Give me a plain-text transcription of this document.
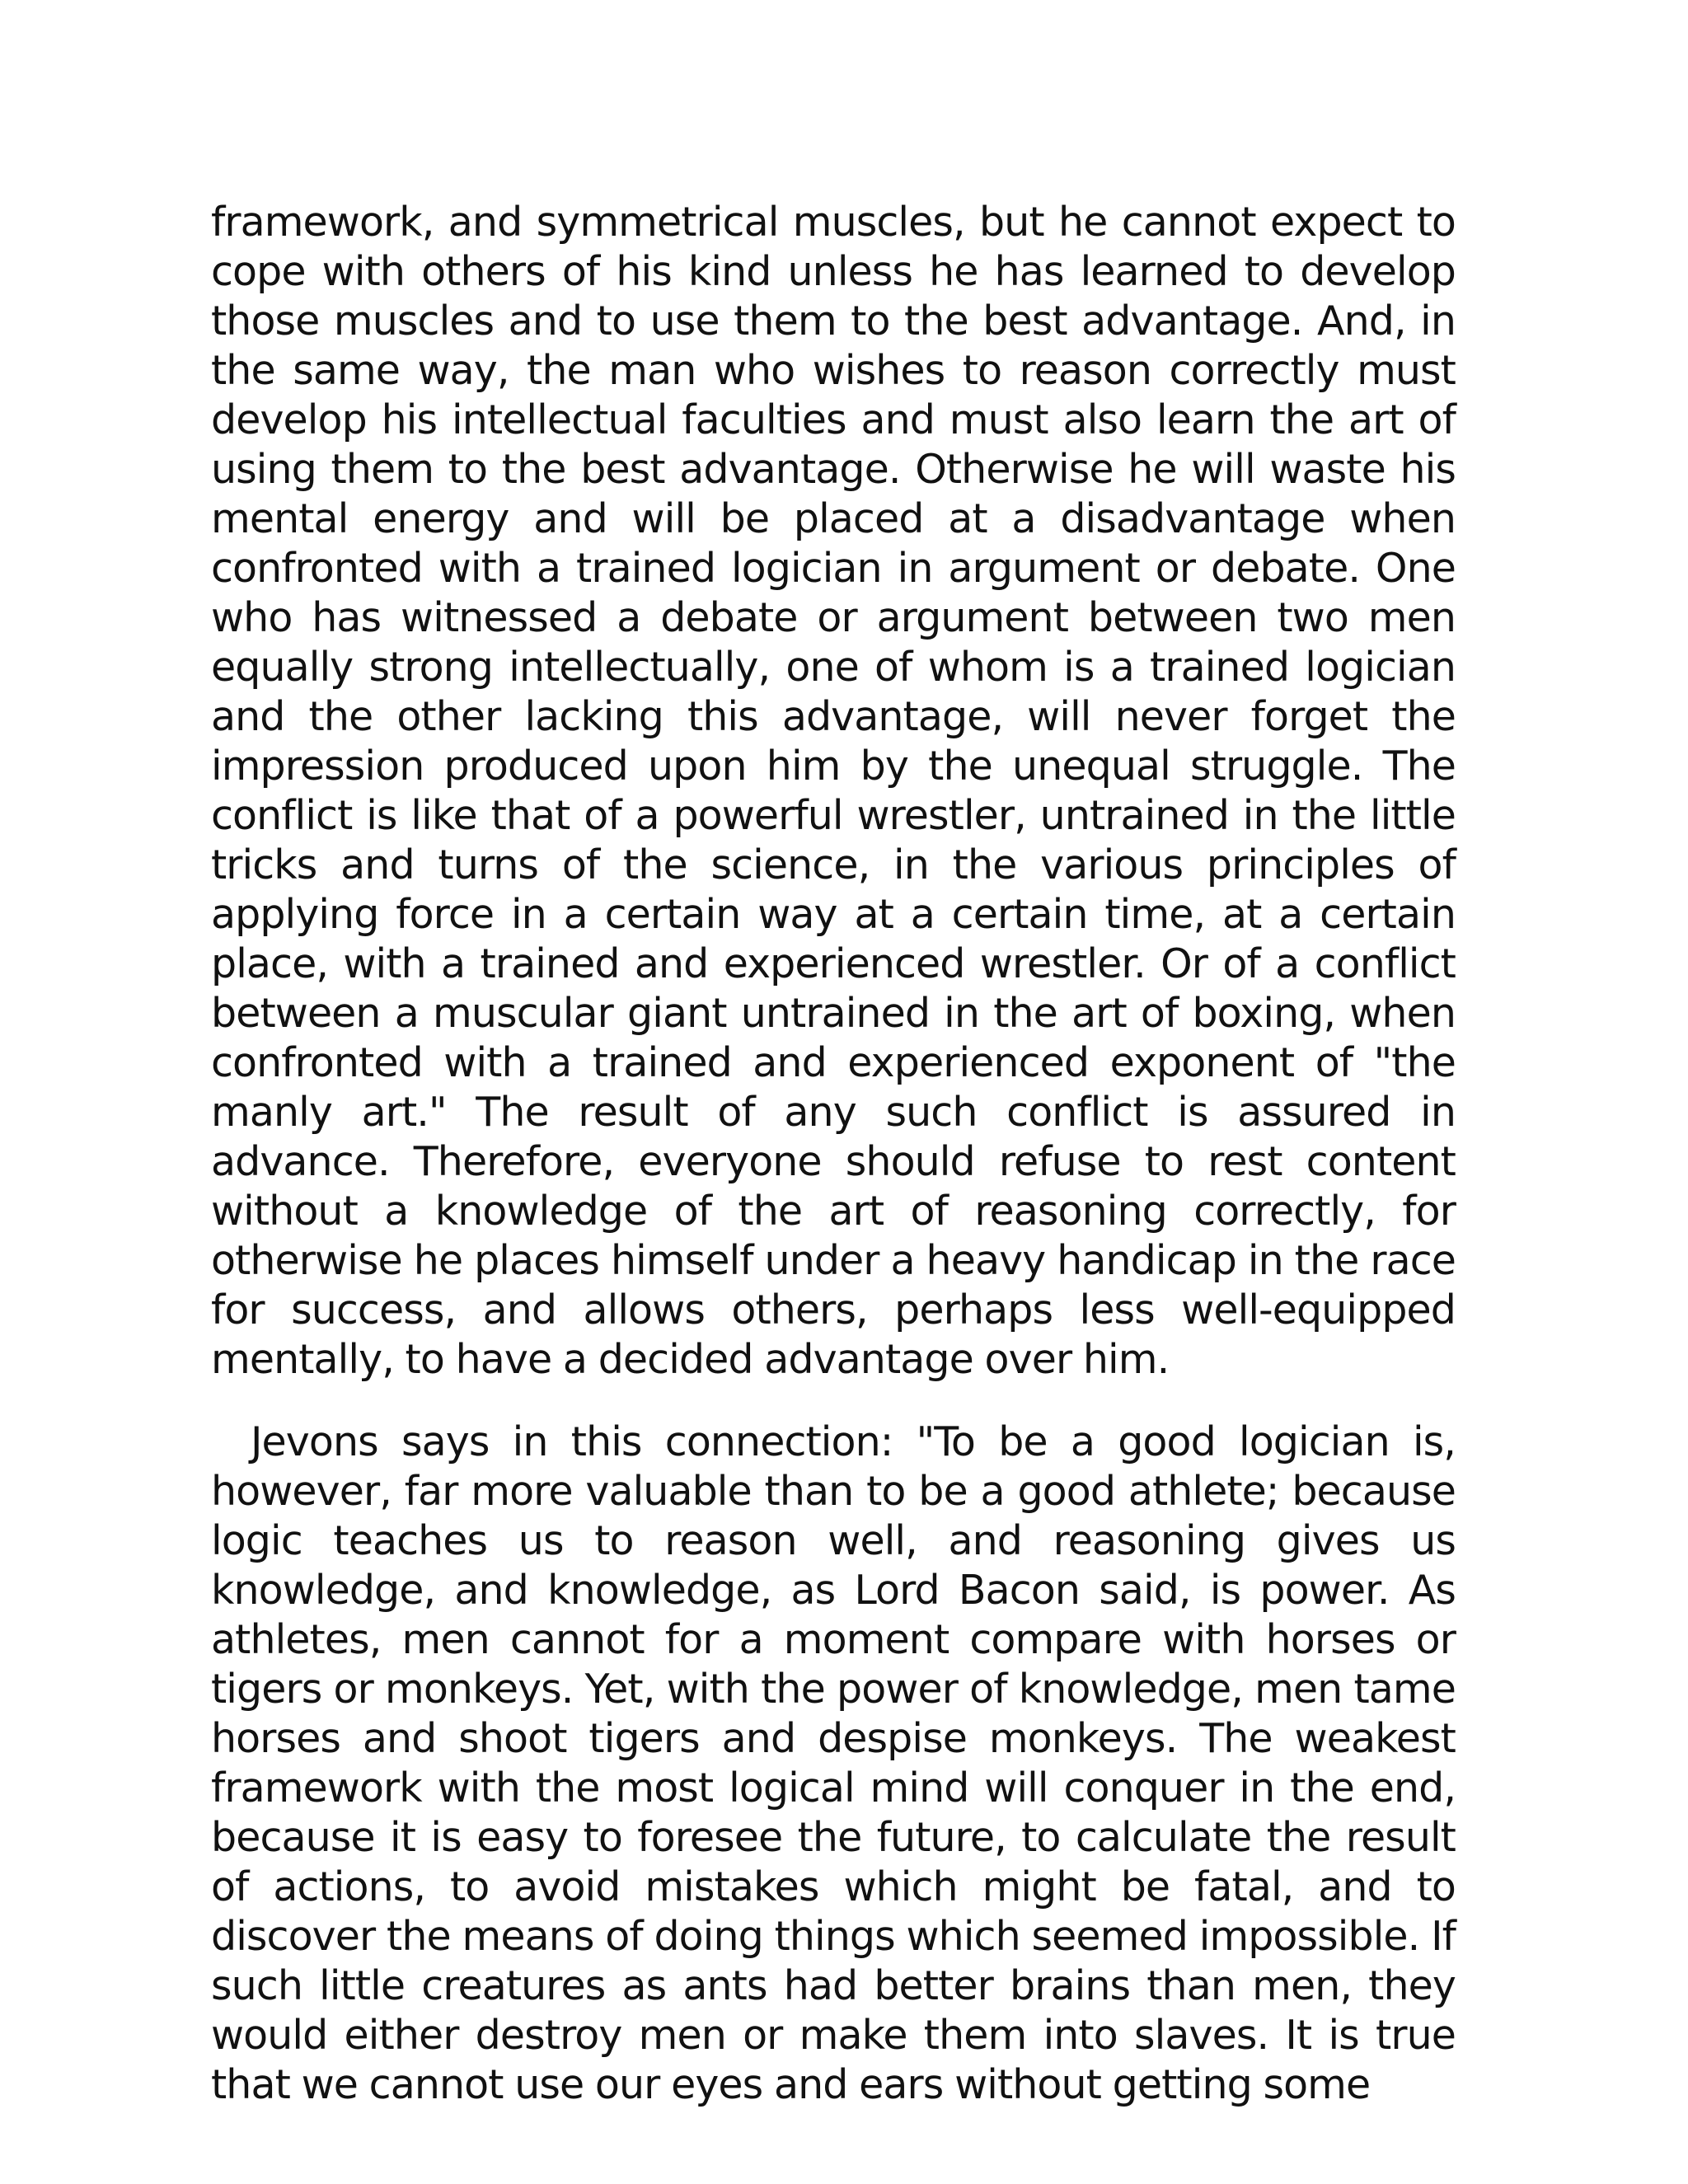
framework, and symmetrical muscles, but he cannot expect to cope with others of his kind unless he has learned to develop those muscles and to use them to the best advantage. And, in the same way, the man who wishes to reason correctly must develop his intellectual faculties and must also learn the art of using them to the best advantage. Otherwise he will waste his mental energy and will be placed at a disadvantage when confronted with a trained logician in argument or debate. One who has witnessed a debate or argument between two men equally strong intellectually, one of whom is a trained logician and the other lacking this advantage, will never forget the impression produced upon him by the unequal struggle. The conflict is like that of a powerful wrestler, untrained in the little tricks and turns of the science, in the various principles of applying force in a certain way at a certain time, at a certain place, with a trained and experienced wrestler. Or of a conflict between a muscular giant untrained in the art of boxing, when confronted with a trained and experienced exponent of "the manly art." The result of any such conflict is assured in advance. Therefore, everyone should refuse to rest content without a knowledge of the art of reasoning correctly, for otherwise he places himself under a heavy handicap in the race for success, and allows others, perhaps less well-equipped mentally, to have a decided advantage over him.

Jevons says in this connection: "To be a good logician is, however, far more valuable than to be a good athlete; because logic teaches us to reason well, and reasoning gives us knowledge, and knowledge, as Lord Bacon said, is power. As athletes, men cannot for a moment compare with horses or tigers or monkeys. Yet, with the power of knowledge, men tame horses and shoot tigers and despise monkeys. The weakest framework with the most logical mind will conquer in the end, because it is easy to foresee the future, to calculate the result of actions, to avoid mistakes which might be fatal, and to discover the means of doing things which seemed impossible. If such little creatures as ants had better brains than men, they would either destroy men or make them into slaves. It is true that we cannot use our eyes and ears without getting some
